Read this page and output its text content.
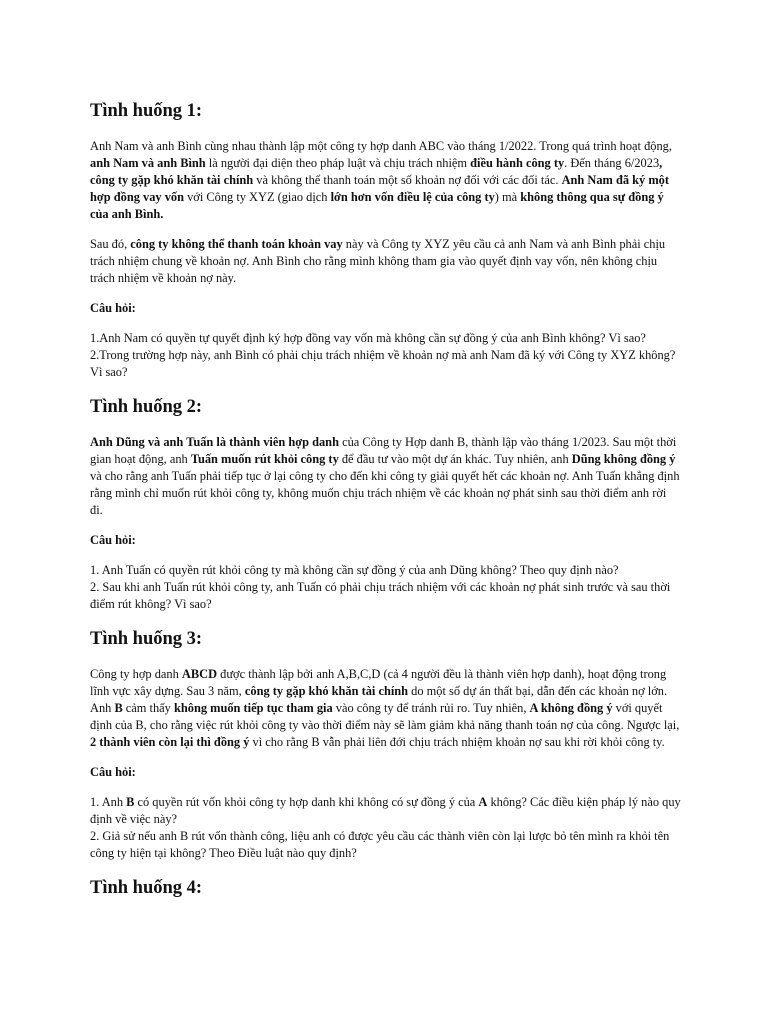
Tình huống 1:

Anh Nam và anh Bình cùng nhau thành lập một công ty hợp danh ABC vào tháng 1/2022. Trong quá trình hoạt động, anh Nam và anh Bình là người đại diện theo pháp luật và chịu trách nhiệm điều hành công ty. Đến tháng 6/2023, công ty gặp khó khăn tài chính và không thể thanh toán một số khoản nợ đối với các đối tác. Anh Nam đã ký một hợp đồng vay vốn với Công ty XYZ (giao dịch lớn hơn vốn điều lệ của công ty) mà không thông qua sự đồng ý của anh Bình.

Sau đó, công ty không thể thanh toán khoản vay này và Công ty XYZ yêu cầu cả anh Nam và anh Bình phải chịu trách nhiệm chung về khoản nợ. Anh Bình cho rằng mình không tham gia vào quyết định vay vốn, nên không chịu trách nhiệm về khoản nợ này.

Câu hỏi:

1.Anh Nam có quyền tự quyết định ký hợp đồng vay vốn mà không cần sự đồng ý của anh Bình không? Vì sao?
2.Trong trường hợp này, anh Bình có phải chịu trách nhiệm về khoản nợ mà anh Nam đã ký với Công ty XYZ không? Vì sao?

Tình huống 2:

Anh Dũng và anh Tuấn là thành viên hợp danh của Công ty Hợp danh B, thành lập vào tháng 1/2023. Sau một thời gian hoạt động, anh Tuấn muốn rút khỏi công ty để đầu tư vào một dự án khác. Tuy nhiên, anh Dũng không đồng ý và cho rằng anh Tuấn phải tiếp tục ở lại công ty cho đến khi công ty giải quyết hết các khoản nợ. Anh Tuấn khẳng định rằng mình chỉ muốn rút khỏi công ty, không muốn chịu trách nhiệm về các khoản nợ phát sinh sau thời điểm anh rời đi.

Câu hỏi:

1. Anh Tuấn có quyền rút khỏi công ty mà không cần sự đồng ý của anh Dũng không? Theo quy định nào?
2. Sau khi anh Tuấn rút khỏi công ty, anh Tuấn có phải chịu trách nhiệm với các khoản nợ phát sinh trước và sau thời điểm rút không? Vì sao?

Tình huống 3:

Công ty hợp danh ABCD được thành lập bởi anh A,B,C,D (cả 4 người đều là thành viên hợp danh), hoạt động trong lĩnh vực xây dựng. Sau 3 năm, công ty gặp khó khăn tài chính do một số dự án thất bại, dẫn đến các khoản nợ lớn. Anh B cảm thấy không muốn tiếp tục tham gia vào công ty để tránh rủi ro. Tuy nhiên, A không đồng ý với quyết định của B, cho rằng việc rút khỏi công ty vào thời điểm này sẽ làm giảm khả năng thanh toán nợ của công. Ngược lại, 2 thành viên còn lại thì đồng ý vì cho rằng B vẫn phải liên đới chịu trách nhiệm khoản nợ sau khi rời khỏi công ty.

Câu hỏi:

1. Anh B có quyền rút vốn khỏi công ty hợp danh khi không có sự đồng ý của A không? Các điều kiện pháp lý nào quy định về việc này?
2. Giả sử nếu anh B rút vốn thành công, liệu anh có được yêu cầu các thành viên còn lại lược bỏ tên mình ra khỏi tên công ty hiện tại không? Theo Điều luật nào quy định?

Tình huống 4:
